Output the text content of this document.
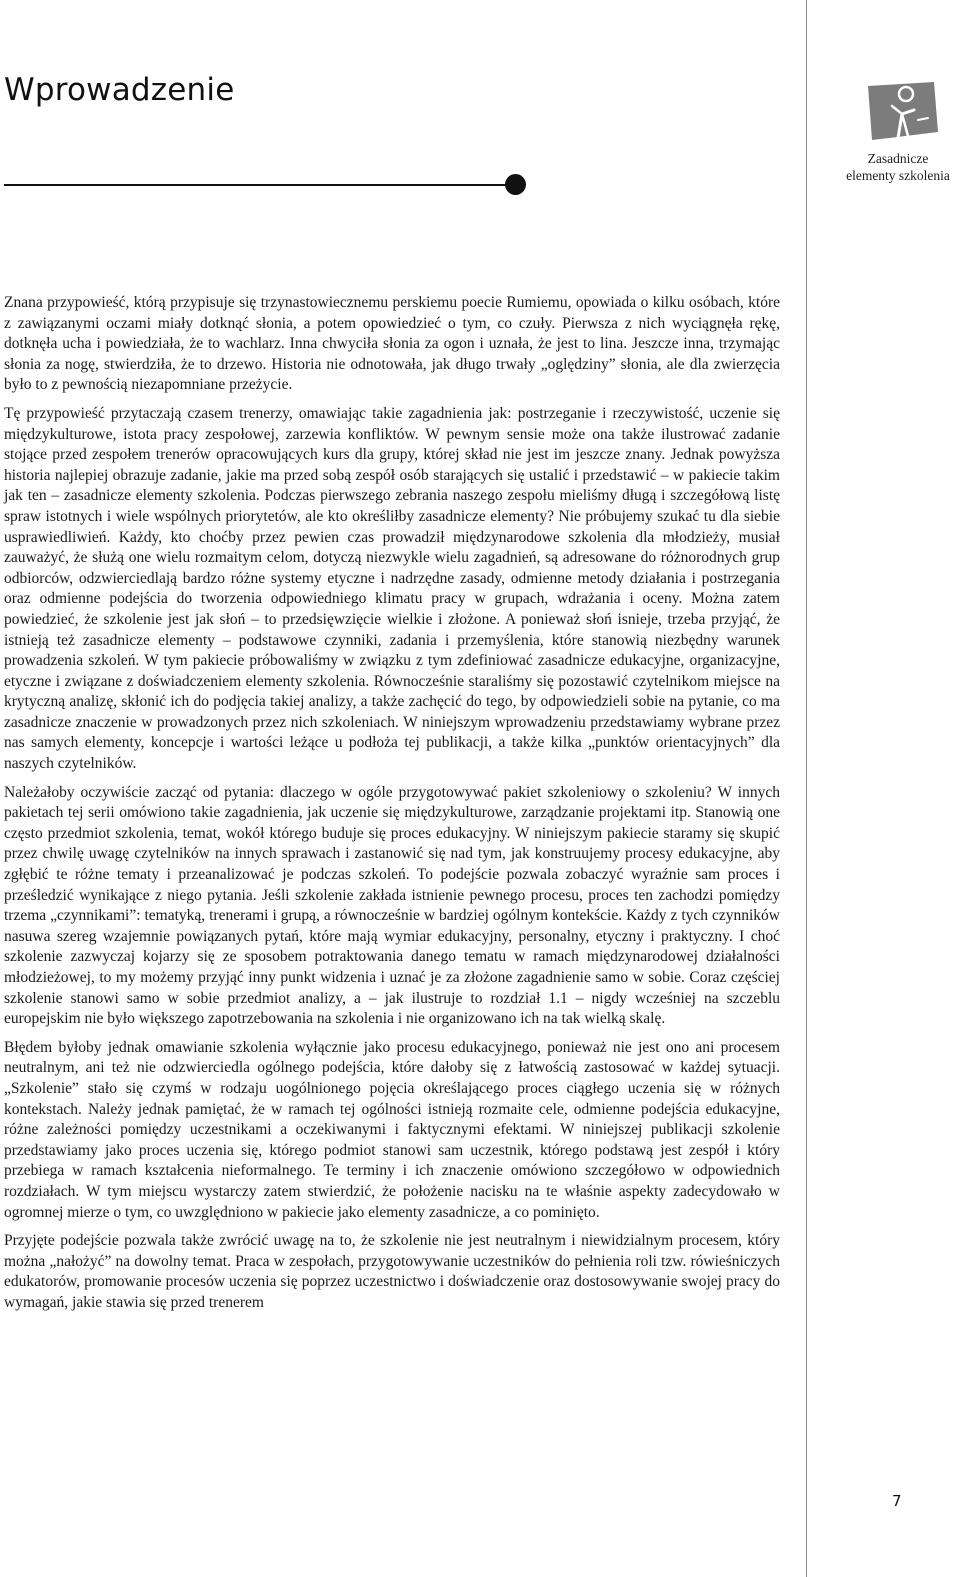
Wprowadzenie

Zasadnicze
elementy szkolenia

Znana przypowieść, którą przypisuje się trzynastowiecznemu perskiemu poecie Rumiemu, opowiada o kilku osóbach, które z zawiązanymi oczami miały dotknąć słonia, a potem opowiedzieć o tym, co czuły. Pierwsza z nich wyciągnęła rękę, dotknęła ucha i powiedziała, że to wachlarz. Inna chwyciła słonia za ogon i uznała, że jest to lina. Jeszcze inna, trzymając słonia za nogę, stwierdziła, że to drzewo. Historia nie odnotowała, jak długo trwały „oględziny” słonia, ale dla zwierzęcia było to z pewnością niezapomniane przeżycie.

Tę przypowieść przytaczają czasem trenerzy, omawiając takie zagadnienia jak: postrzeganie i rzeczywistość, uczenie się międzykulturowe, istota pracy zespołowej, zarzewia konfliktów. W pewnym sensie może ona także ilustrować zadanie stojące przed zespołem trenerów opracowujących kurs dla grupy, której skład nie jest im jeszcze znany. Jednak powyższa historia najlepiej obrazuje zadanie, jakie ma przed sobą zespół osób starających się ustalić i przedstawić – w pakiecie takim jak ten – zasadnicze elementy szkolenia. Podczas pierwszego zebrania naszego zespołu mieliśmy długą i szczegółową listę spraw istotnych i wiele wspólnych priorytetów, ale kto określiłby zasadnicze elementy? Nie próbujemy szukać tu dla siebie usprawiedliwień. Każdy, kto choćby przez pewien czas prowadził międzynarodowe szkolenia dla młodzieży, musiał zauważyć, że służą one wielu rozmaitym celom, dotyczą niezwykle wielu zagadnień, są adresowane do różnorodnych grup odbiorców, odzwierciedlają bardzo różne systemy etyczne i nadrzędne zasady, odmienne metody działania i postrzegania oraz odmienne podejścia do tworzenia odpowiedniego klimatu pracy w grupach, wdrażania i oceny. Można zatem powiedzieć, że szkolenie jest jak słoń – to przedsięwzięcie wielkie i złożone. A ponieważ słoń isnieje, trzeba przyjąć, że istnieją też zasadnicze elementy – podstawowe czynniki, zadania i przemyślenia, które stanowią niezbędny warunek prowadzenia szkoleń. W tym pakiecie próbowaliśmy w związku z tym zdefiniować zasadnicze edukacyjne, organizacyjne, etyczne i związane z doświadczeniem elementy szkolenia. Równocześnie staraliśmy się pozostawić czytelnikom miejsce na krytyczną analizę, skłonić ich do podjęcia takiej analizy, a także zachęcić do tego, by odpowiedzieli sobie na pytanie, co ma zasadnicze znaczenie w prowadzonych przez nich szkoleniach. W niniejszym wprowadzeniu przedstawiamy wybrane przez nas samych elementy, koncepcje i wartości leżące u podłoża tej publikacji, a także kilka „punktów orientacyjnych” dla naszych czytelników.

Należałoby oczywiście zacząć od pytania: dlaczego w ogóle przygotowywać pakiet szkoleniowy o szkoleniu? W innych pakietach tej serii omówiono takie zagadnienia, jak uczenie się międzykulturowe, zarządzanie projektami itp. Stanowią one często przedmiot szkolenia, temat, wokół którego buduje się proces edukacyjny. W niniejszym pakiecie staramy się skupić przez chwilę uwagę czytelników na innych sprawach i zastanowić się nad tym, jak konstruujemy procesy edukacyjne, aby zgłębić te różne tematy i przeanalizować je podczas szkoleń. To podejście pozwala zobaczyć wyraźnie sam proces i prześledzić wynikające z niego pytania. Jeśli szkolenie zakłada istnienie pewnego procesu, proces ten zachodzi pomiędzy trzema „czynnikami”: tematyką, trenerami i grupą, a równocześnie w bardziej ogólnym kontekście. Każdy z tych czynników nasuwa szereg wzajemnie powiązanych pytań, które mają wymiar edukacyjny, personalny, etyczny i praktyczny. I choć szkolenie zazwyczaj kojarzy się ze sposobem potraktowania danego tematu w ramach międzynarodowej działalności młodzieżowej, to my możemy przyjąć inny punkt widzenia i uznać je za złożone zagadnienie samo w sobie. Coraz częściej szkolenie stanowi samo w sobie przedmiot analizy, a – jak ilustruje to rozdział 1.1 – nigdy wcześniej na szczeblu europejskim nie było większego zapotrzebowania na szkolenia i nie organizowano ich na tak wielką skalę.

Błędem byłoby jednak omawianie szkolenia wyłącznie jako procesu edukacyjnego, ponieważ nie jest ono ani procesem neutralnym, ani też nie odzwierciedla ogólnego podejścia, które dałoby się z łatwością zastosować w każdej sytuacji. „Szkolenie” stało się czymś w rodzaju uogólnionego pojęcia określającego proces ciągłego uczenia się w różnych kontekstach. Należy jednak pamiętać, że w ramach tej ogólności istnieją rozmaite cele, odmienne podejścia edukacyjne, różne zależności pomiędzy uczestnikami a oczekiwanymi i faktycznymi efektami. W niniejszej publikacji szkolenie przedstawiamy jako proces uczenia się, którego podmiot stanowi sam uczestnik, którego podstawą jest zespół i który przebiega w ramach kształcenia nieformalnego. Te terminy i ich znaczenie omówiono szczegółowo w odpowiednich rozdziałach. W tym miejscu wystarczy zatem stwierdzić, że położenie nacisku na te właśnie aspekty zadecydowało w ogromnej mierze o tym, co uwzględniono w pakiecie jako elementy zasadnicze, a co pominięto.

Przyjęte podejście pozwala także zwrócić uwagę na to, że szkolenie nie jest neutralnym i niewidzialnym procesem, który można „nałożyć” na dowolny temat. Praca w zespołach, przygotowywanie uczestników do pełnienia roli tzw. rówieśniczych edukatorów, promowanie procesów uczenia się poprzez uczestnictwo i doświadczenie oraz dostosowywanie swojej pracy do wymagań, jakie stawia się przed trenerem

7
